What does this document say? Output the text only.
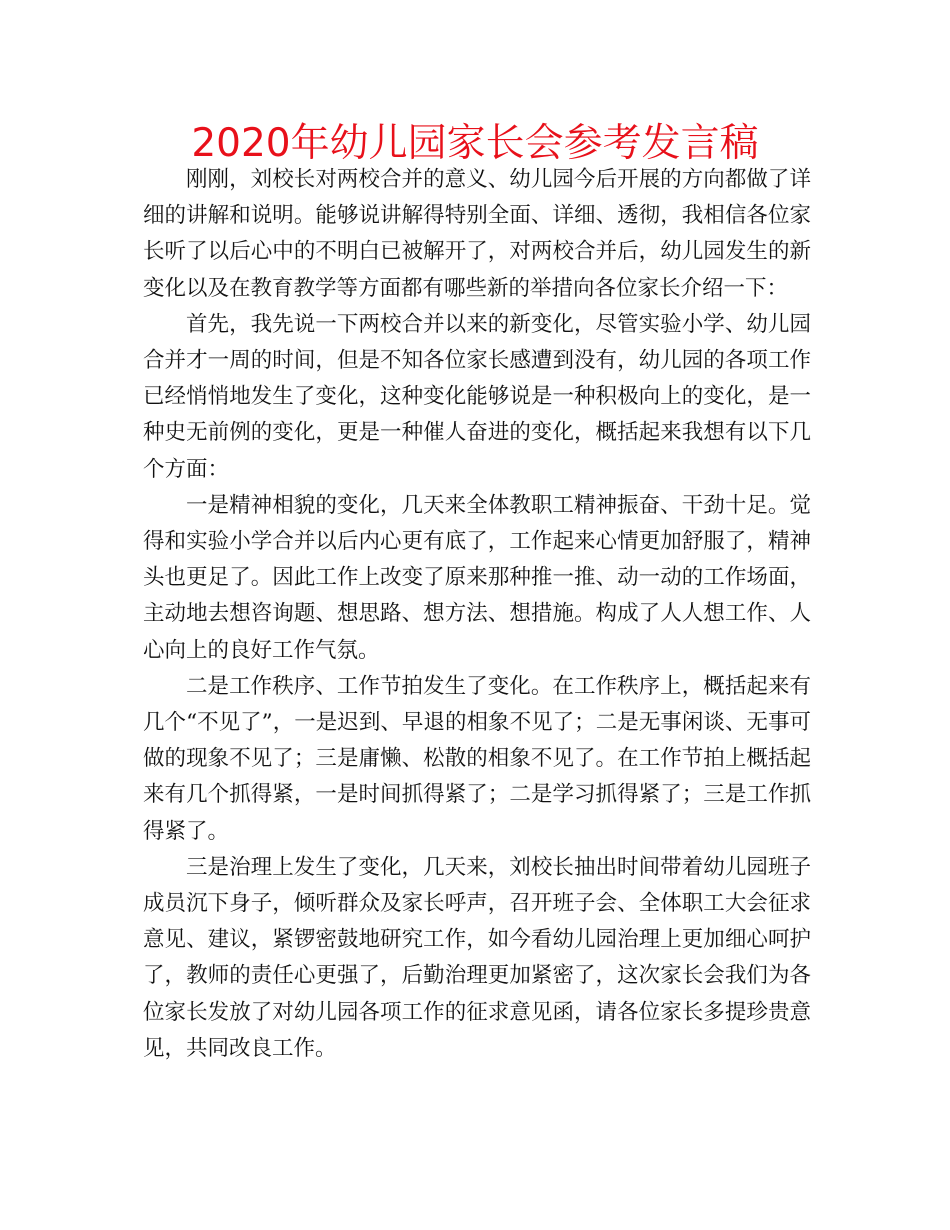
2020年幼儿园家长会参考发言稿

刚刚，刘校长对两校合并的意义、幼儿园今后开展的方向都做了详细的讲解和说明。能够说讲解得特别全面、详细、透彻，我相信各位家长听了以后心中的不明白已被解开了，对两校合并后，幼儿园发生的新变化以及在教育教学等方面都有哪些新的举措向各位家长介绍一下：

首先，我先说一下两校合并以来的新变化，尽管实验小学、幼儿园合并才一周的时间，但是不知各位家长感遭到没有，幼儿园的各项工作已经悄悄地发生了变化，这种变化能够说是一种积极向上的变化，是一种史无前例的变化，更是一种催人奋进的变化，概括起来我想有以下几个方面：

一是精神相貌的变化，几天来全体教职工精神振奋、干劲十足。觉得和实验小学合并以后内心更有底了，工作起来心情更加舒服了，精神头也更足了。因此工作上改变了原来那种推一推、动一动的工作场面，主动地去想咨询题、想思路、想方法、想措施。构成了人人想工作、人心向上的良好工作气氛。

二是工作秩序、工作节拍发生了变化。在工作秩序上，概括起来有几个“不见了”，一是迟到、早退的相象不见了；二是无事闲谈、无事可做的现象不见了；三是庸懒、松散的相象不见了。在工作节拍上概括起来有几个抓得紧，一是时间抓得紧了；二是学习抓得紧了；三是工作抓得紧了。

三是治理上发生了变化，几天来，刘校长抽出时间带着幼儿园班子成员沉下身子，倾听群众及家长呼声，召开班子会、全体职工大会征求意见、建议，紧锣密鼓地研究工作，如今看幼儿园治理上更加细心呵护了，教师的责任心更强了，后勤治理更加紧密了，这次家长会我们为各位家长发放了对幼儿园各项工作的征求意见函，请各位家长多提珍贵意见，共同改良工作。
